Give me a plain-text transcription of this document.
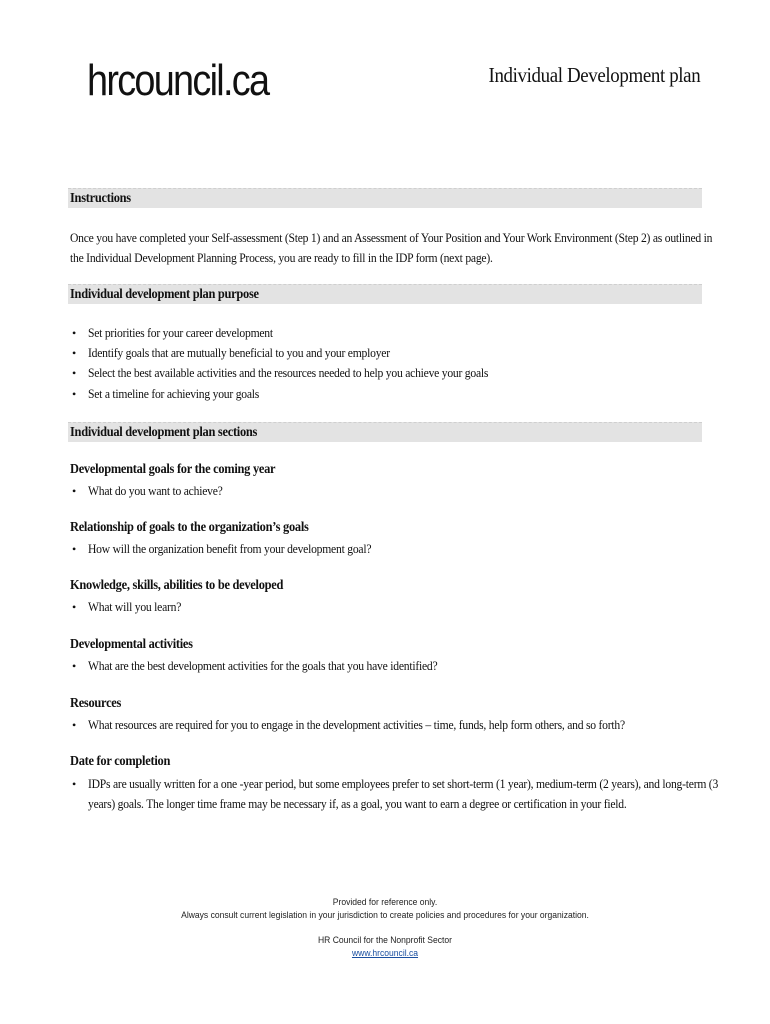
hrcouncil.ca	Individual Development plan
Instructions

Once you have completed your Self-assessment (Step 1) and an Assessment of Your Position and Your Work Environment (Step 2) as outlined in

the Individual Development Planning Process, you are ready to fill in the IDP form (next page).

Individual development plan purpose
• Set priorities for your career development
• Identify goals that are mutually beneficial to you and your employer
• Select the best available activities and the resources needed to help you achieve your goals
• Set a timeline for achieving your goals
Individual development plan sections
Developmental goals for the coming year
• What do you want to achieve?
Relationship of goals to the organization’s goals
• How will the organization benefit from your development goal?
Knowledge, skills, abilities to be developed
• What will you learn?
Developmental activities
• What are the best development activities for the goals that you have identified?
Resources
• What resources are required for you to engage in the development activities – time, funds, help form others, and so forth?
Date for completion
• IDPs are usually written for a one -year period, but some employees prefer to set short-term (1 year), medium-term (2 years), and long-term (3
years) goals. The longer time frame may be necessary if, as a goal, you want to earn a degree or certification in your field.
Provided for reference only.
Always consult current legislation in your jurisdiction to create policies and procedures for your organization.
HR Council for the Nonprofit Sector
www.hrcouncil.ca
